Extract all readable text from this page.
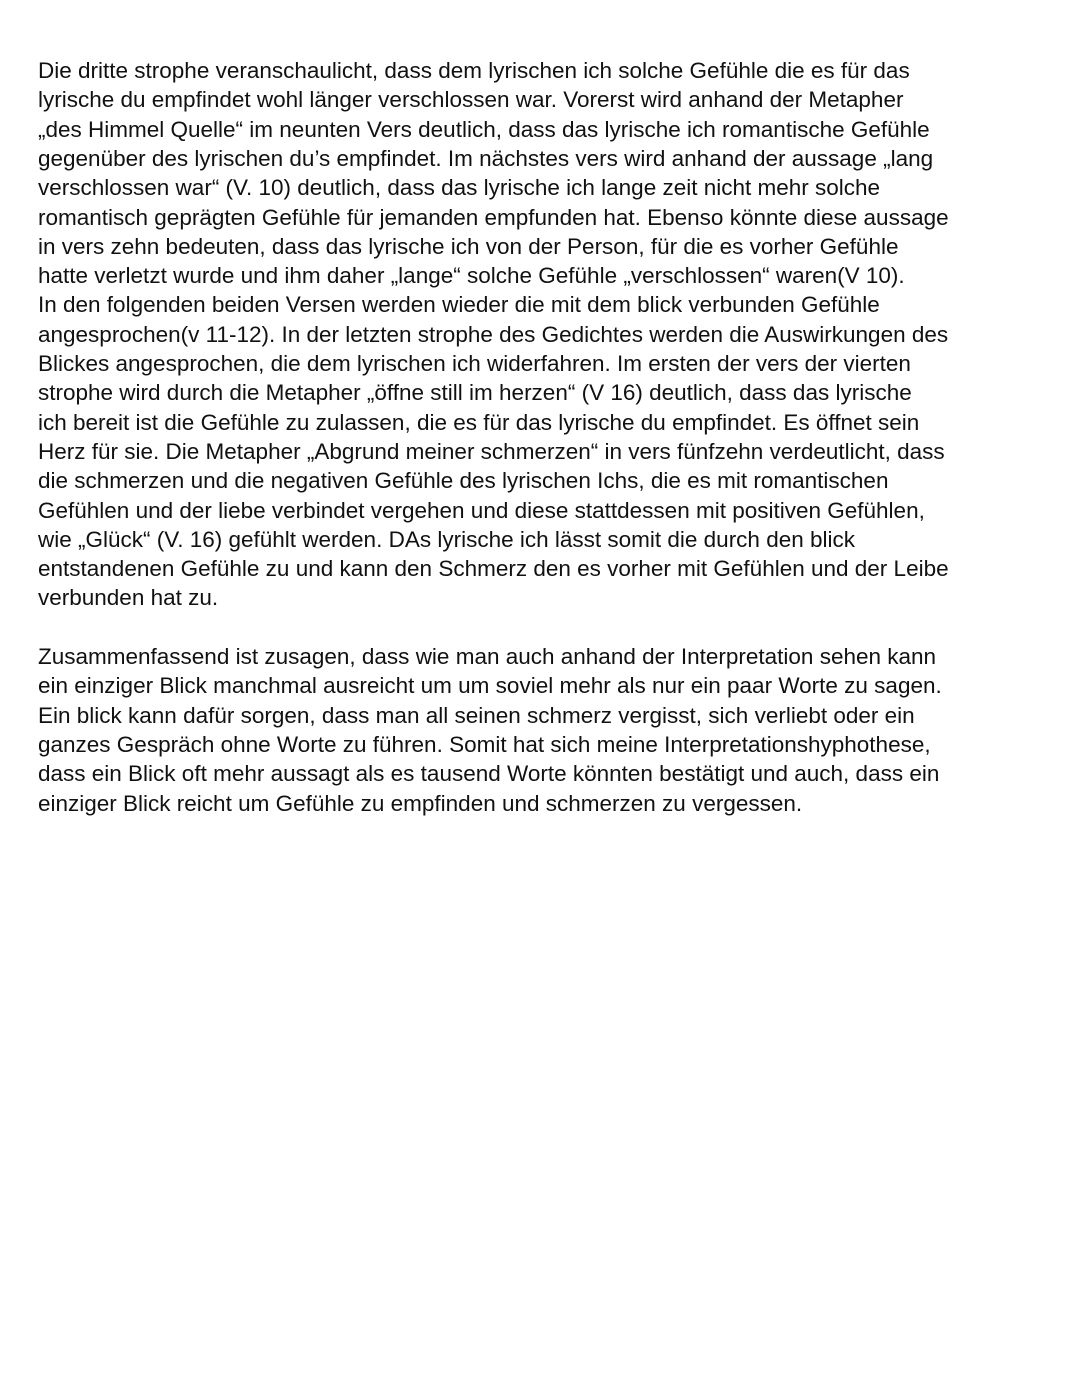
Die dritte strophe veranschaulicht, dass dem lyrischen ich solche Gefühle die es für das
lyrische du empfindet wohl länger verschlossen war. Vorerst wird anhand der Metapher
„des Himmel Quelle“ im neunten Vers deutlich, dass das lyrische ich romantische Gefühle
gegenüber des lyrischen du’s empfindet. Im nächstes vers wird anhand der aussage „lang
verschlossen war“ (V. 10) deutlich, dass das lyrische ich lange zeit nicht mehr solche
romantisch geprägten Gefühle für jemanden empfunden hat. Ebenso könnte diese aussage
in vers zehn bedeuten, dass das lyrische ich von der Person, für die es vorher Gefühle
hatte verletzt wurde und ihm daher „lange“ solche Gefühle „verschlossen“ waren(V 10).
In den folgenden beiden Versen werden wieder die mit dem blick verbunden Gefühle
angesprochen(v 11-12). In der letzten strophe des Gedichtes werden die Auswirkungen des
Blickes angesprochen, die dem lyrischen ich widerfahren. Im ersten der vers der vierten
strophe wird durch die Metapher „öffne still im herzen“ (V 16) deutlich, dass das lyrische
ich bereit ist die Gefühle zu zulassen, die es für das lyrische du empfindet. Es öffnet sein
Herz für sie. Die Metapher „Abgrund meiner schmerzen“ in vers fünfzehn verdeutlicht, dass
die schmerzen und die negativen Gefühle des lyrischen Ichs, die es mit romantischen
Gefühlen und der liebe verbindet vergehen und diese stattdessen mit positiven Gefühlen,
wie „Glück“ (V. 16) gefühlt werden. DAs lyrische ich lässt somit die durch den blick
entstandenen Gefühle zu und kann den Schmerz den es vorher mit Gefühlen und der Leibe
verbunden hat zu.
Zusammenfassend ist zusagen, dass wie man auch anhand der Interpretation sehen kann
ein einziger Blick manchmal ausreicht um um soviel mehr als nur ein paar Worte zu sagen.
Ein blick kann dafür sorgen, dass man all seinen schmerz vergisst, sich verliebt oder ein
ganzes Gespräch ohne Worte zu führen. Somit hat sich meine Interpretationshyphothese,
dass ein Blick oft mehr aussagt als es tausend Worte könnten bestätigt und auch, dass ein
einziger Blick reicht um Gefühle zu empfinden und schmerzen zu vergessen.
